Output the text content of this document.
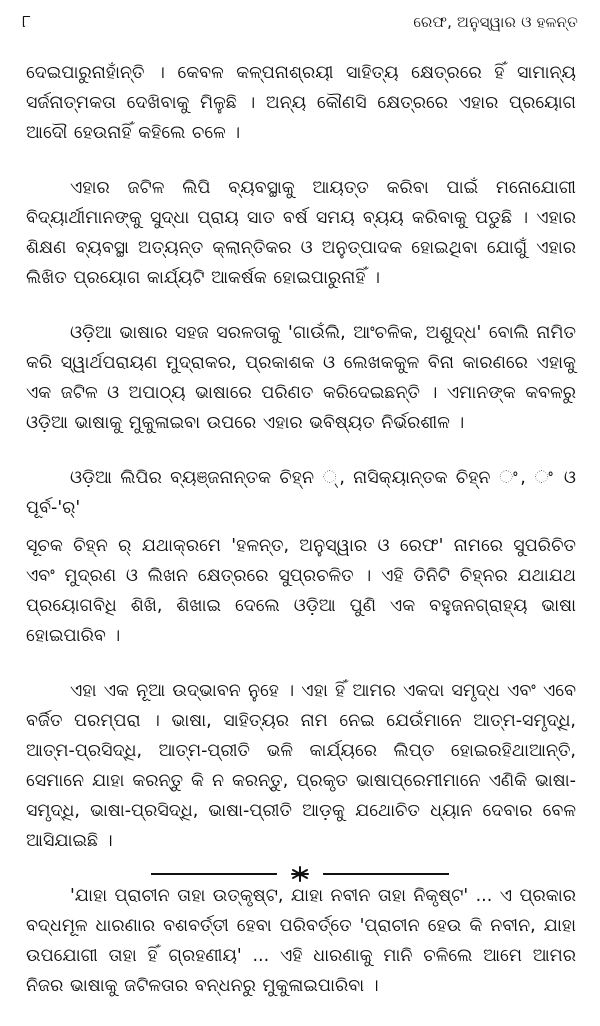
୮	ରେଫ, ଅନୁସ୍ୱାର ଓ ହଳନ୍ତ

ଦେଇପାରୁନାହାଁନ୍ତି । କେବଳ କଳ୍ପନାଶ୍ରୟୀ ସାହିତ୍ୟ କ୍ଷେତ୍ରରେ ହିଁ ସାମାନ୍ୟ ସର୍ଜନାତ୍ମକତା ଦେଖିବାକୁ ମିଳୁଛି । ଅନ୍ୟ କୌଣସି କ୍ଷେତ୍ରରେ ଏହାର ପ୍ରୟୋଗ ଆଦୌ ହେଉନାହିଁ କହିଲେ ଚଳେ ।

ଏହାର ଜଟିଳ ଲିପି ବ୍ୟବସ୍ଥାକୁ ଆୟତ୍ତ କରିବା ପାଇଁ ମନୋଯୋଗୀ ବିଦ୍ୟାର୍ଥୀମାନଙ୍କୁ ସୁଦ୍ଧା ପ୍ରାୟ ସାତ ବର୍ଷ ସମୟ ବ୍ୟୟ କରିବାକୁ ପଡୁଛି । ଏହାର ଶିକ୍ଷଣ ବ୍ୟବସ୍ଥା ଅତ୍ୟନ୍ତ କ୍ଲାନ୍ତିକର ଓ ଅନୁତ୍ପାଦକ ହୋଇଥିବା ଯୋଗୁଁ ଏହାର ଲିଖିତ ପ୍ରୟୋଗ କାର୍ଯ୍ୟଟି ଆକର୍ଷକ ହୋଇପାରୁନାହିଁ ।

ଓଡ଼ିଆ ଭାଷାର ସହଜ ସରଳତାକୁ 'ଗାଉଁଲି, ଆଂଚଳିକ, ଅଶୁଦ୍ଧ' ବୋଲି ନାମିତ କରି ସ୍ୱାର୍ଥପରାୟଣ ମୁଦ୍ରାକର, ପ୍ରକାଶକ ଓ ଲେଖକକୁଳ ବିନା କାରଣରେ ଏହାକୁ ଏକ ଜଟିଳ ଓ ଅପାଠ୍ୟ ଭାଷାରେ ପରିଣତ କରିଦେଇଛନ୍ତି । ଏମାନଙ୍କ କବଳରୁ ଓଡ଼ିଆ ଭାଷାକୁ ମୁକୁଳାଇବା ଉପରେ ଏହାର ଭବିଷ୍ୟତ ନିର୍ଭରଶୀଳ ।

ଓଡ଼ିଆ ଲିପିର ବ୍ୟଞ୍ଜନାନ୍ତକ ଚିହ୍ନ ୍, ନାସିକ୍ୟାନ୍ତକ ଚିହ୍ନ ଂ, ଂ ଓ ପୂର୍ବ-'ର୍'

ସୂଚକ ଚିହ୍ନ ର୍ ଯଥାକ୍ରମେ 'ହଳନ୍ତ, ଅନୁସ୍ୱାର ଓ ରେଫ' ନାମରେ ସୁପରିଚିତ ଏବଂ ମୁଦ୍ରଣ ଓ ଲିଖନ କ୍ଷେତ୍ରରେ ସୁପ୍ରଚଳିତ । ଏହି ତିନିଟି ଚିହ୍ନର ଯଥାଯଥ ପ୍ରୟୋଗବିଧି ଶିଖି, ଶିଖାଇ ଦେଲେ ଓଡ଼ିଆ ପୁଣି ଏକ ବହୁଜନଗ୍ରାହ୍ୟ ଭାଷା ହୋଇପାରିବ ।

ଏହା ଏକ ନୂଆ ଉଦ୍‌ଭାବନ ନୁହେ । ଏହା ହିଁ ଆମର ଏକଦା ସମୃଦ୍ଧ ଏବଂ ଏବେ ବର୍ଜିତ ପରମ୍ପରା । ଭାଷା, ସାହିତ୍ୟର ନାମ ନେଇ ଯେଉଁମାନେ ଆତ୍ମ-ସମୃଦ୍ଧି, ଆତ୍ମ-ପ୍ରସିଦ୍ଧି, ଆତ୍ମ-ପ୍ରୀତି ଭଳି କାର୍ଯ୍ୟରେ ଲିପ୍ତ ହୋଇରହିଥାଆନ୍ତି, ସେମାନେ ଯାହା କରନ୍ତୁ କି ନ କରନ୍ତୁ, ପ୍ରକୃତ ଭାଷାପ୍ରେମୀମାନେ ଏଣିକି ଭାଷା-ସମୃଦ୍ଧି, ଭାଷା-ପ୍ରସିଦ୍ଧି, ଭାଷା-ପ୍ରୀତି ଆଡ଼କୁ ଯଥୋଚିତ ଧ୍ୟାନ ଦେବାର ବେଳ ଆସିଯାଇଛି ।

'ଯାହା ପ୍ରାଚୀନ ତାହା ଉତ୍କୃଷ୍ଟ, ଯାହା ନବୀନ ତାହା ନିକୃଷ୍ଟ' ... ଏ ପ୍ରକାର ବଦ୍ଧମୂଳ ଧାରଣାର ବଶବର୍ତ୍ତୀ ହେବା ପରିବର୍ତ୍ତେ 'ପ୍ରାଚୀନ ହେଉ କି ନବୀନ, ଯାହା ଉପଯୋଗୀ ତାହା ହିଁ ଗ୍ରହଣୀୟ' ... ଏହି ଧାରଣାକୁ ମାନି ଚଳିଲେ ଆମେ ଆମର ନିଜର ଭାଷାକୁ ଜଟିଳତାର ବନ୍ଧନରୁ ମୁକୁଳାଇପାରିବା ।
